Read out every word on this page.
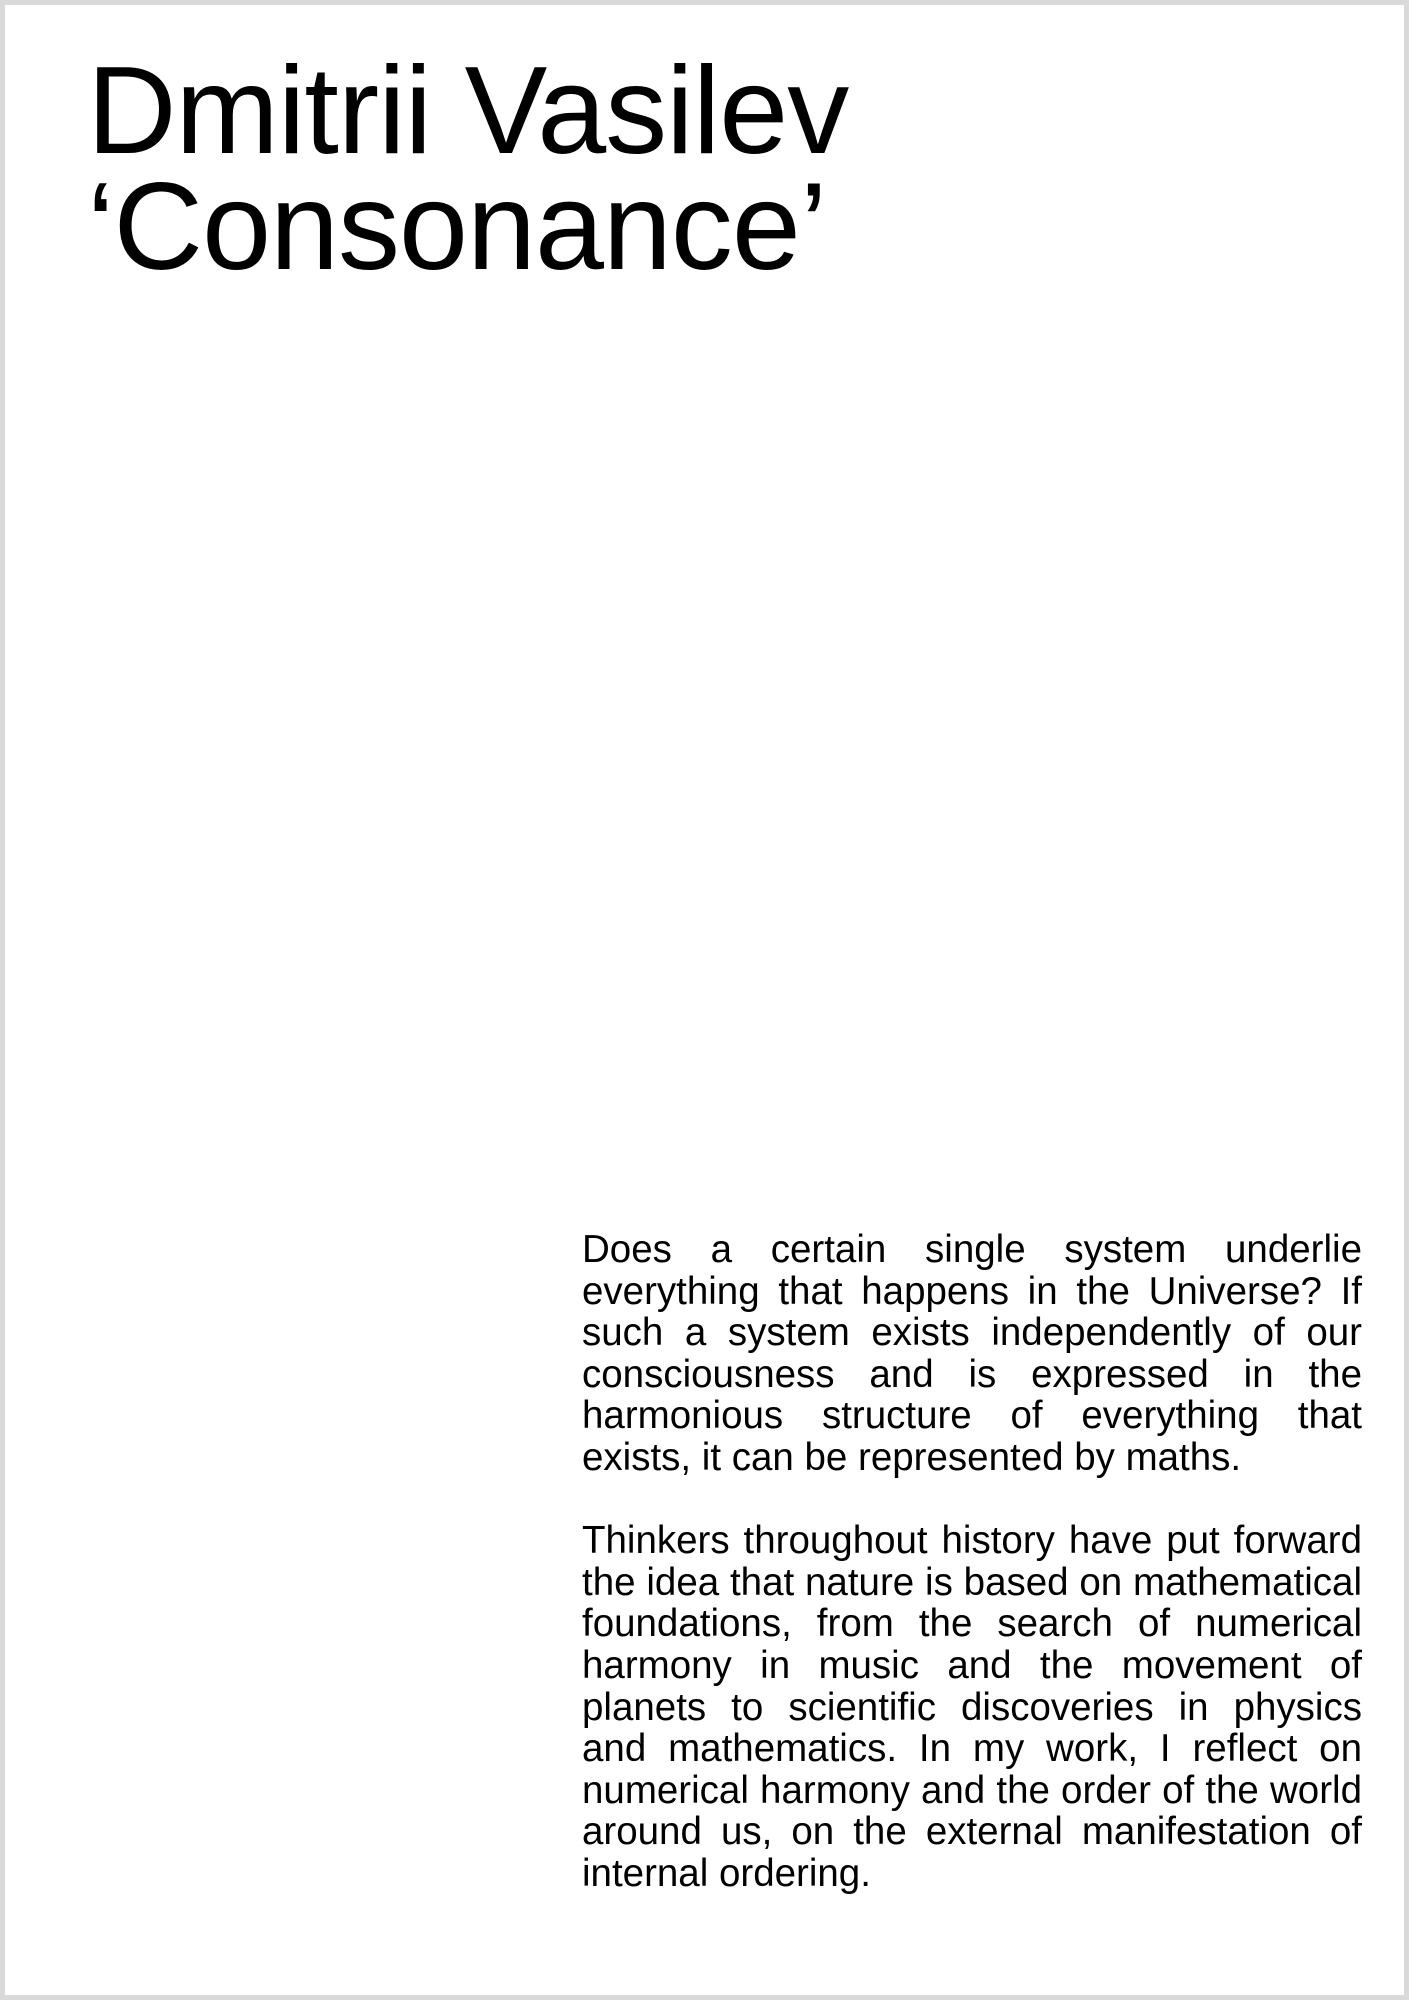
Dmitrii Vasilev
‘Consonance’

Does a certain single system underlie everything that happens in the Universe? If such a system exists independently of our consciousness and is expressed in the harmonious structure of everything that exists, it can be represented by maths.

Thinkers throughout history have put forward the idea that nature is based on mathematical foundations, from the search of numerical harmony in music and the movement of planets to scientific discoveries in physics and mathematics. In my work, I reflect on numerical harmony and the order of the world around us, on the external manifestation of internal ordering.
